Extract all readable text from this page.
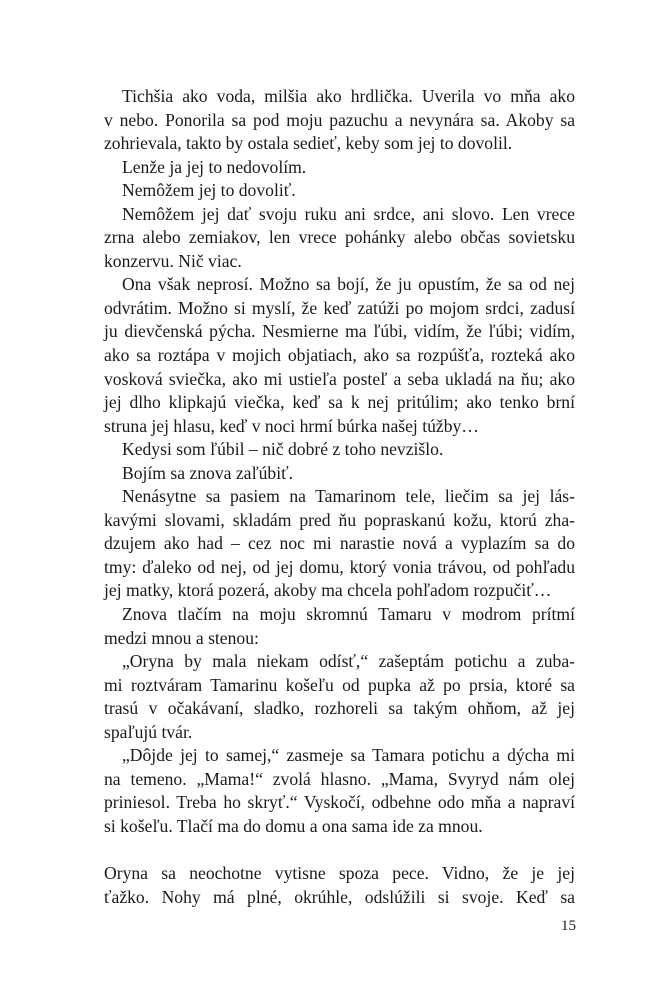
Tichšia ako voda, milšia ako hrdlička. Uverila vo mňa ako
v nebo. Ponorila sa pod moju pazuchu a nevynára sa. Akoby sa
zohrievala, takto by ostala sedieť, keby som jej to dovolil.
Lenže ja jej to nedovolím.
Nemôžem jej to dovoliť.
Nemôžem jej dať svoju ruku ani srdce, ani slovo. Len vrece
zrna alebo zemiakov, len vrece pohánky alebo občas sovietsku
konzervu. Nič viac.
Ona však neprosí. Možno sa bojí, že ju opustím, že sa od nej
odvrátim. Možno si myslí, že keď zatúži po mojom srdci, zadusí
ju dievčenská pýcha. Nesmierne ma ľúbi, vidím, že ľúbi; vidím,
ako sa roztápa v mojich objatiach, ako sa rozpúšťa, rozteká ako
vosková sviečka, ako mi ustieľa posteľ a seba ukladá na ňu; ako
jej dlho klipkajú viečka, keď sa k nej pritúlim; ako tenko brní
struna jej hlasu, keď v noci hrmí búrka našej túžby…
Kedysi som ľúbil – nič dobré z toho nevzišlo.
Bojím sa znova zaľúbiť.
Nenásytne sa pasiem na Tamarinom tele, liečim sa jej lás-
kavými slovami, skladám pred ňu popraskanú kožu, ktorú zha-
dzujem ako had – cez noc mi narastie nová a vyplazím sa do
tmy: ďaleko od nej, od jej domu, ktorý vonia trávou, od pohľadu
jej matky, ktorá pozerá, akoby ma chcela pohľadom rozpučiť…
Znova tlačím na moju skromnú Tamaru v modrom prítmí
medzi mnou a stenou:
„Oryna by mala niekam odísť,“ zašeptám potichu a zuba-
mi roztváram Tamarinu košeľu od pupka až po prsia, ktoré sa
trasú v očakávaní, sladko, rozhoreli sa takým ohňom, až jej
spaľujú tvár.
„Dôjde jej to samej,“ zasmeje sa Tamara potichu a dýcha mi
na temeno. „Mama!“ zvolá hlasno. „Mama, Svyryd nám olej
priniesol. Treba ho skryť.“ Vyskočí, odbehne odo mňa a napraví
si košeľu. Tlačí ma do domu a ona sama ide za mnou.
Oryna sa neochotne vytisne spoza pece. Vidno, že je jej
ťažko. Nohy má plné, okrúhle, odslúžili si svoje. Keď sa
15
